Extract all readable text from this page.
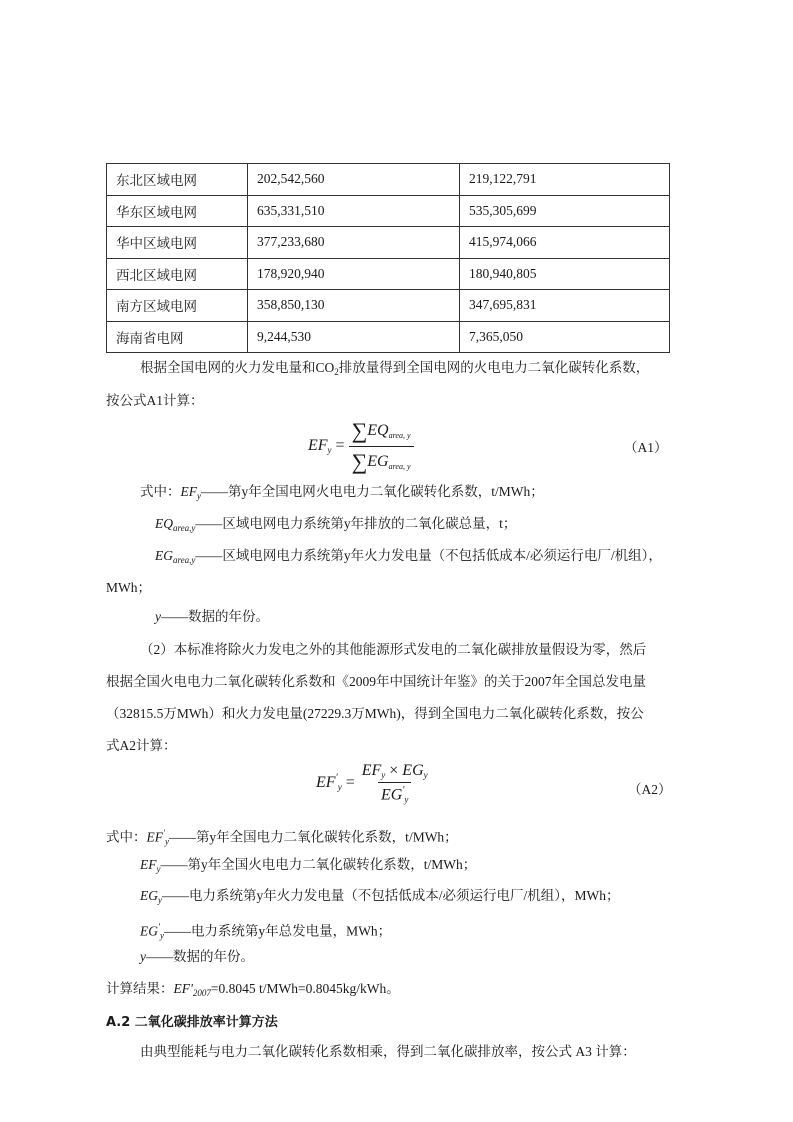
东北区域电网	202,542,560	219,122,791
华东区域电网	635,331,510	535,305,699
华中区域电网	377,233,680	415,974,066
西北区域电网	178,920,940	180,940,805
南方区域电网	358,850,130	347,695,831
海南省电网	9,244,530	7,365,050
根据全国电网的火力发电量和$CO_2$排放量得到全国电网的火电电力二氧化碳转化系数，
按公式A1计算：
$EF_y = \frac{\text{∑EQarea, y}}{\text{∑EGarea, y}}$	（A1）
式中：$EF_y——$第y年全国电网火电电力二氧化碳转化系数，t/MWh；
$EQ_{area,y}——$区域电网电力系统第y年排放的二氧化碳总量，t；
$EG_{area,y}——$区域电网电力系统第y年火力发电量（不包括低成本/必须运行电厂/机组），
MWh；
y——数据的年份。
（2）本标准将除火力发电之外的其他能源形式发电的二氧化碳排放量假设为零，然后
根据全国火电电力二氧化碳转化系数和《2009年中国统计年鉴》的关于2007年全国总发电量
（32815.5万MWh）和火力发电量(27229.3万MWh)，得到全国电力二氧化碳转化系数，按公
式A2计算：
$EF'_y = \frac{EF_y \times EG_y}{EG'_y}$	（A2）
式中：$EF'_y——$第y年全国电力二氧化碳转化系数，t/MWh；
$EF_y——$第y年全国火电电力二氧化碳转化系数，t/MWh；
$EG_y——$电力系统第y年火力发电量（不包括低成本/必须运行电厂/机组），MWh；
$EG'_y——$电力系统第y年总发电量，MWh；
y——数据的年份。
计算结果：$EF'_{2007}=0.8045$ t/MWh=0.8045kg/kWh。
A.2 二氧化碳排放率计算方法
由典型能耗与电力二氧化碳转化系数相乘，得到二氧化碳排放率，按公式 A3 计算：
